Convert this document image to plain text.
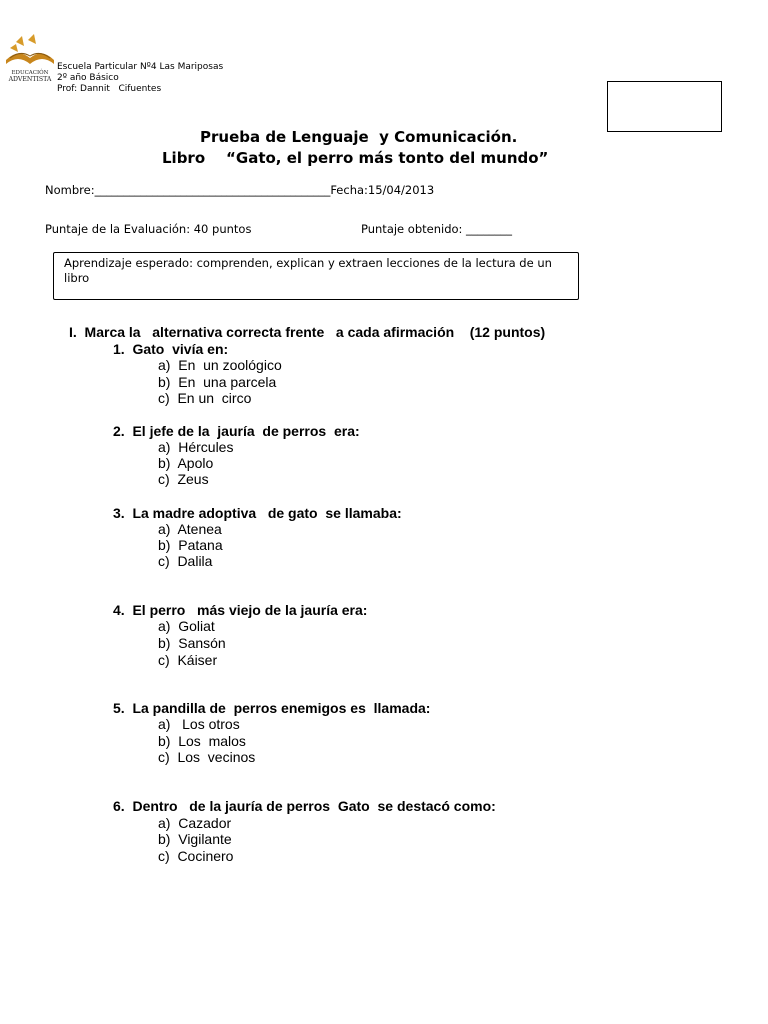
EDUCACIÓN
ADVENTISTA
Escuela Particular Nº4 Las Mariposas
2º año Básico
Prof: Dannit   Cifuentes
Prueba de Lenguaje  y Comunicación.
Libro    “Gato, el perro más tonto del mundo”
Nombre:_________________________________________Fecha:15/04/2013
Puntaje de la Evaluación: 40 puntos	Puntaje obtenido: ________
Aprendizaje esperado: comprenden, explican y extraen lecciones de la lectura de un libro
I.  Marca la   alternativa correcta frente   a cada afirmación    (12 puntos)
1.  Gato  vivía en:
a)  En  un zoológico
b)  En  una parcela
c)  En un  circo
2.  El jefe de la  jauría  de perros  era:
a)  Hércules
b)  Apolo
c)  Zeus
3.  La madre adoptiva   de gato  se llamaba:
a)  Atenea
b)  Patana
c)  Dalila
4.  El perro   más viejo de la jauría era:
a)  Goliat
b)  Sansón
c)  Káiser
5.  La pandilla de  perros enemigos es  llamada:
a)   Los otros
b)  Los  malos
c)  Los  vecinos
6.  Dentro   de la jauría de perros  Gato  se destacó como:
a)  Cazador
b)  Vigilante
c)  Cocinero
